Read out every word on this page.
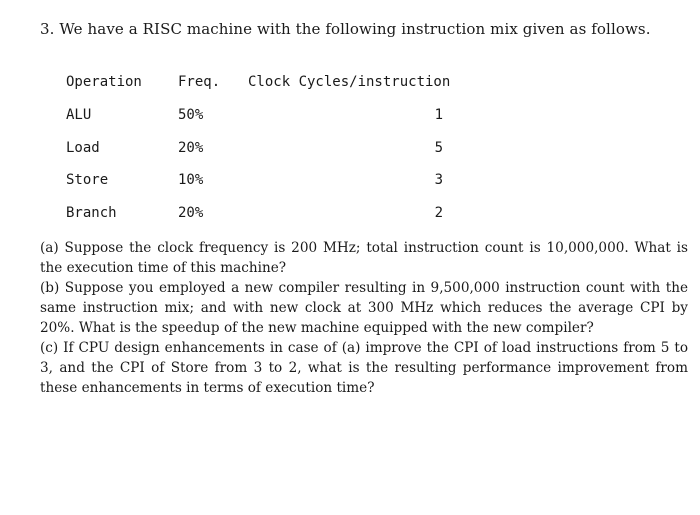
3. We have a RISC machine with the following instruction mix given as follows.
Operation	Freq.	Clock Cycles/instruction
ALU	50%	1
Load	20%	5
Store	10%	3
Branch	20%	2

(a) Suppose the clock frequency is 200 MHz; total instruction count is 10,000,000. What is the execution time of this machine?

(b) Suppose you employed a new compiler resulting in 9,500,000 instruction count with the same instruction mix; and with new clock at 300 MHz which reduces the average CPI by 20%. What is the speedup of the new machine equipped with the new compiler?

(c) If CPU design enhancements in case of (a) improve the CPI of load instructions from 5 to 3, and the CPI of Store from 3 to 2, what is the resulting performance improvement from these enhancements in terms of execution time?
